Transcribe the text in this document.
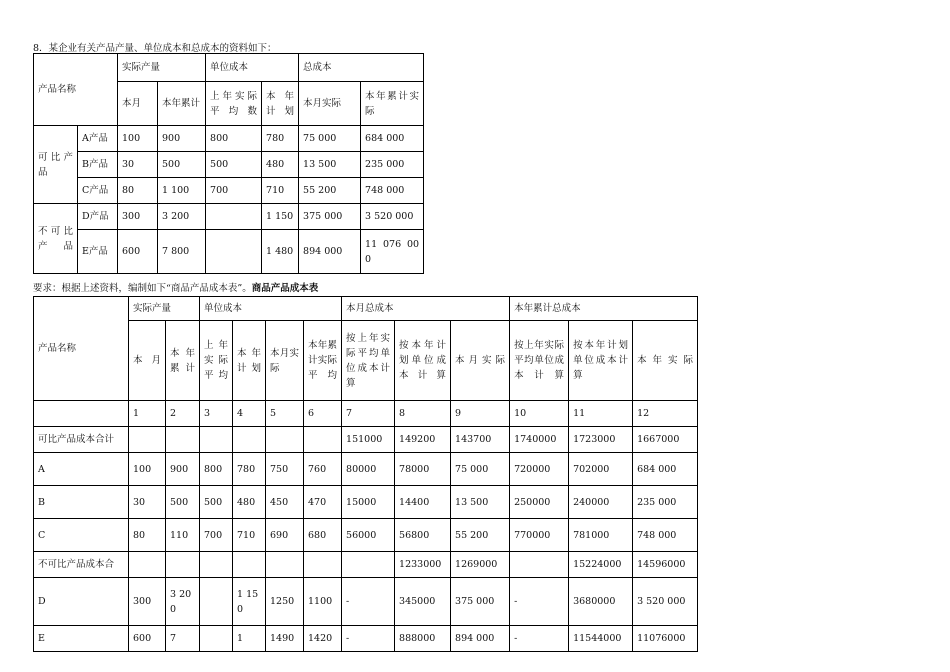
8．某企业有关产品产量、单位成本和总成本的资料如下：
产品名称		实际产量		单位成本		总成本	
		本月	本年累计	上年实际平均数	本年计划	本月实际	本年累计实际
可比产品	A产品	100	900	800	780	75 000	684 000
	B产品	30	500	500	480	13 500	235 000
	C产品	80	1 100	700	710	55 200	748 000
不可比产品	D产品	300	3 200		1 150	375 000	3 520 000
	E产品	600	7 800		1 480	894 000	11 076 000
要求：根据上述资料，编制如下“商品产品成本表”。商品产品成本表
产品名称	实际产量		单位成本				本月总成本			本年累计总成本		
	本月	本年累计	上年实际平均	本年计划	本月实际	本年累计实际平均	按上年实际平均单位成本计算	按本年计划单位成本计算	本月实际	按上年实际平均单位成本计算	按本年计划单位成本计算	本年实际
	1	2	3	4	5	6	7	8	9	10	11	12
可比产品成本合计							151000	149200	143700	1740000	1723000	1667000
A	100	900	800	780	750	760	80000	78000	75 000	720000	702000	684 000
B	30	500	500	480	450	470	15000	14400	13 500	250000	240000	235 000
C	80	110	700	710	690	680	56000	56800	55 200	770000	781000	748 000
不可比产品成本合								1233000	1269000		15224000	14596000
D	300	3 200		1 150	1250	1100	-	345000	375 000	-	3680000	3 520 000
E	600	7		1	1490	1420	-	888000	894 000	-	11544000	11076000
